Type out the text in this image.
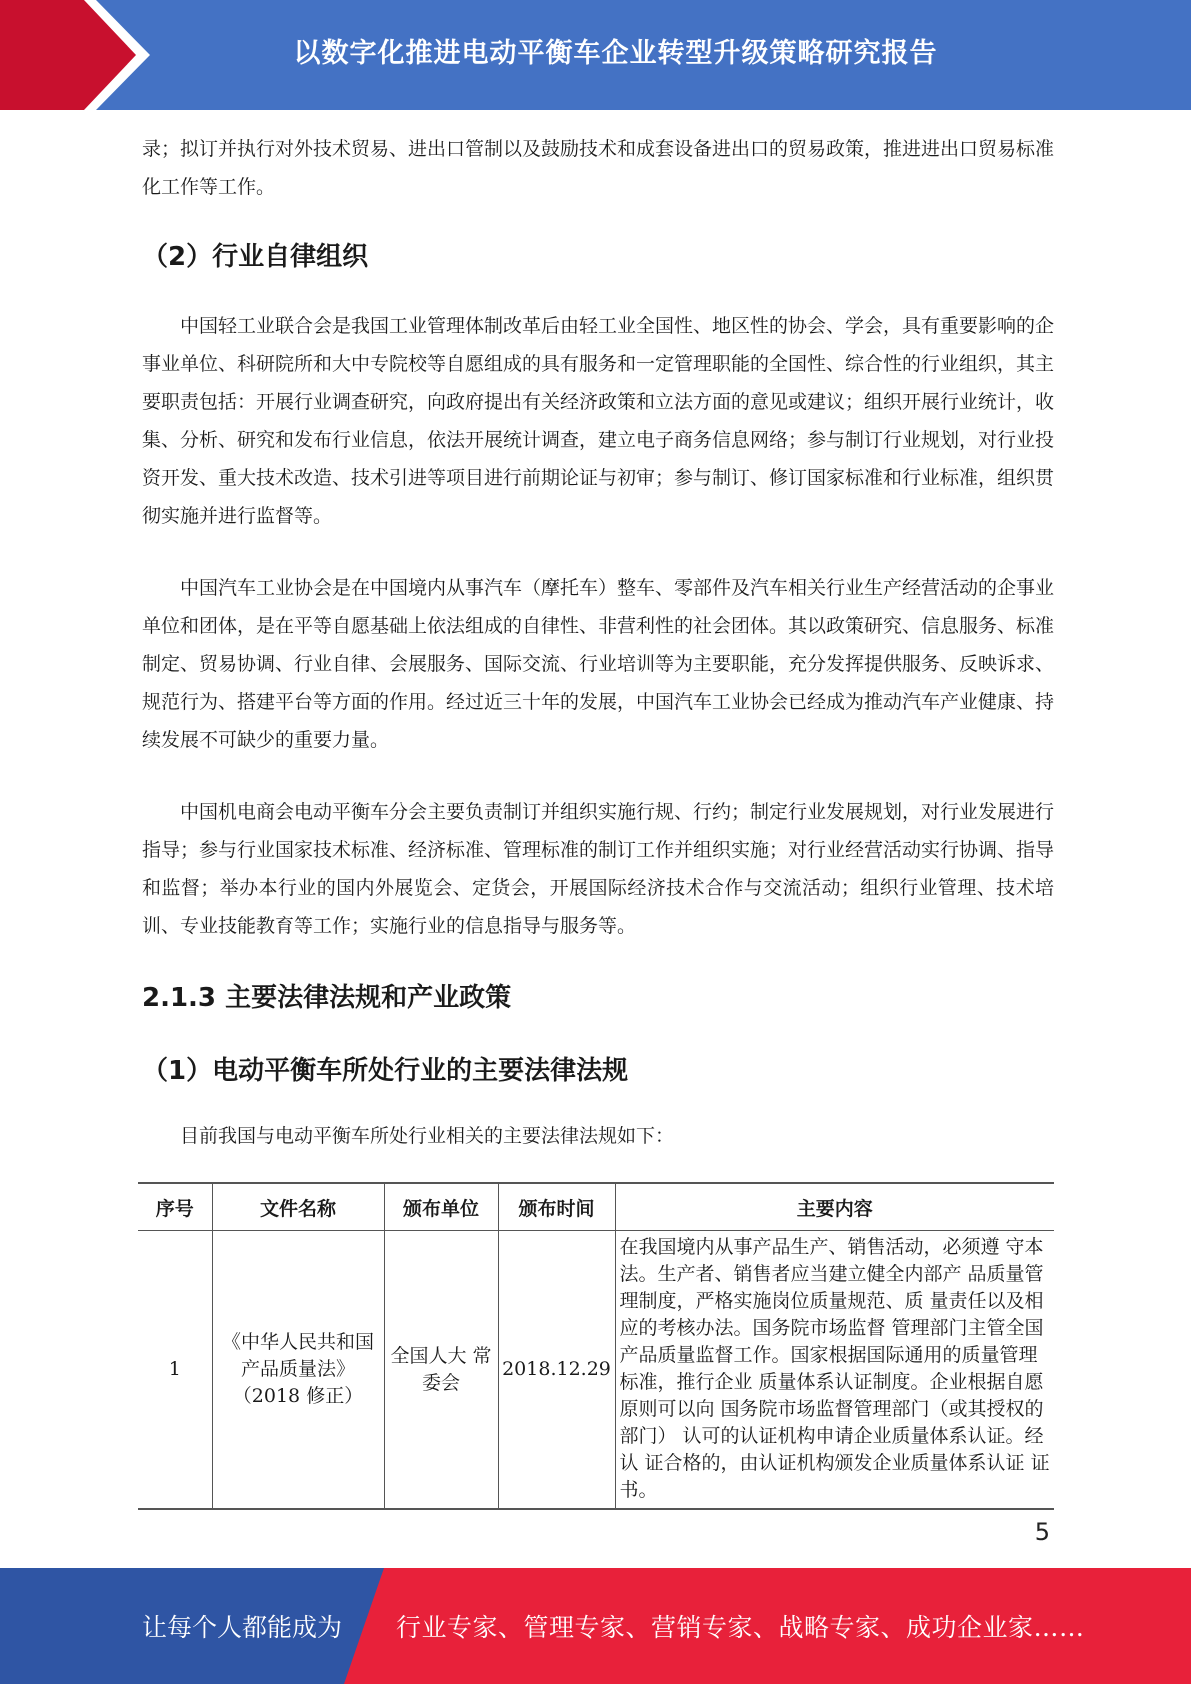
以数字化推进电动平衡车企业转型升级策略研究报告

录；拟订并执行对外技术贸易、进出口管制以及鼓励技术和成套设备进出口的贸易政策，推进进出口贸易标准化工作等工作。

（2）行业自律组织

中国轻工业联合会是我国工业管理体制改革后由轻工业全国性、地区性的协会、学会，具有重要影响的企事业单位、科研院所和大中专院校等自愿组成的具有服务和一定管理职能的全国性、综合性的行业组织，其主要职责包括：开展行业调查研究，向政府提出有关经济政策和立法方面的意见或建议；组织开展行业统计，收集、分析、研究和发布行业信息，依法开展统计调查，建立电子商务信息网络；参与制订行业规划，对行业投资开发、重大技术改造、技术引进等项目进行前期论证与初审；参与制订、修订国家标准和行业标准，组织贯彻实施并进行监督等。

中国汽车工业协会是在中国境内从事汽车（摩托车）整车、零部件及汽车相关行业生产经营活动的企事业单位和团体，是在平等自愿基础上依法组成的自律性、非营利性的社会团体。其以政策研究、信息服务、标准制定、贸易协调、行业自律、会展服务、国际交流、行业培训等为主要职能，充分发挥提供服务、反映诉求、规范行为、搭建平台等方面的作用。经过近三十年的发展，中国汽车工业协会已经成为推动汽车产业健康、持续发展不可缺少的重要力量。

中国机电商会电动平衡车分会主要负责制订并组织实施行规、行约；制定行业发展规划，对行业发展进行指导；参与行业国家技术标准、经济标准、管理标准的制订工作并组织实施；对行业经营活动实行协调、指导和监督；举办本行业的国内外展览会、定货会，开展国际经济技术合作与交流活动；组织行业管理、技术培训、专业技能教育等工作；实施行业的信息指导与服务等。

2.1.3 主要法律法规和产业政策
（1）电动平衡车所处行业的主要法律法规

目前我国与电动平衡车所处行业相关的主要法律法规如下：

序号	文件名称	颁布单位	颁布时间	主要内容
1	《中华人民共和国产品质量法》（2018 修正）	全国人大 常委会	2018.12.29	在我国境内从事产品生产、销售活动，必须遵 守本法。生产者、销售者应当建立健全内部产 品质量管理制度，严格实施岗位质量规范、质 量责任以及相应的考核办法。国务院市场监督 管理部门主管全国产品质量监督工作。国家根据国际通用的质量管理标准，推行企业 质量体系认证制度。企业根据自愿原则可以向 国务院市场监督管理部门（或其授权的部门） 认可的认证机构申请企业质量体系认证。经认 证合格的，由认证机构颁发企业质量体系认证 证书。
5
让每个人都能成为 行业专家、管理专家、营销专家、战略专家、成功企业家……
